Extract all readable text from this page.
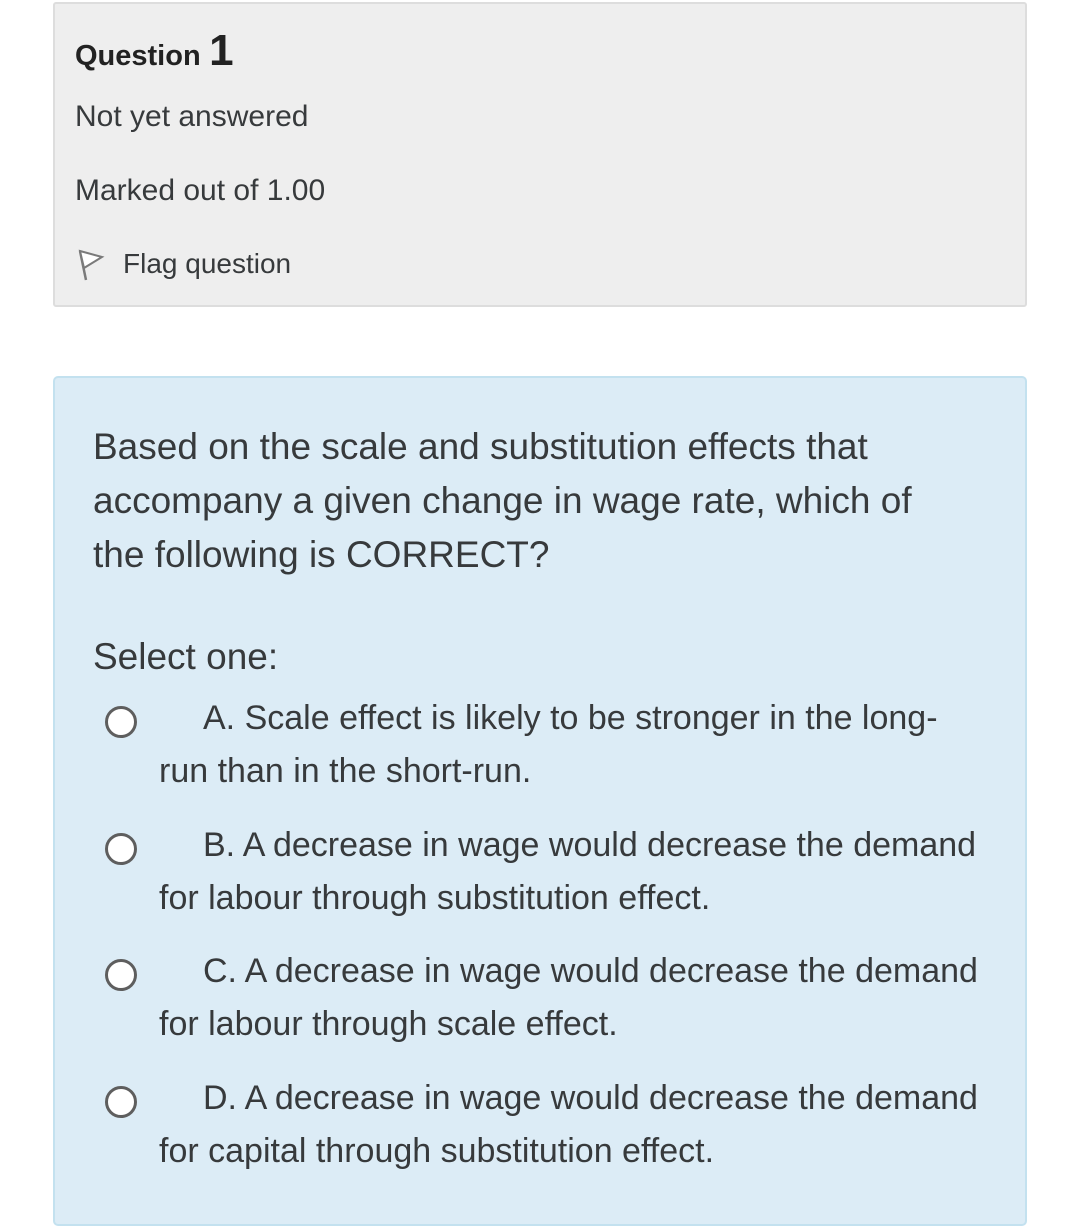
Question 1
Not yet answered
Marked out of 1.00
Flag question

Based on the scale and substitution effects that accompany a given change in wage rate, which of the following is CORRECT?

Select one:
A. Scale effect is likely to be stronger in the long-run than in the short-run.
B. A decrease in wage would decrease the demand for labour through substitution effect.
C. A decrease in wage would decrease the demand for labour through scale effect.
D. A decrease in wage would decrease the demand for capital through substitution effect.
